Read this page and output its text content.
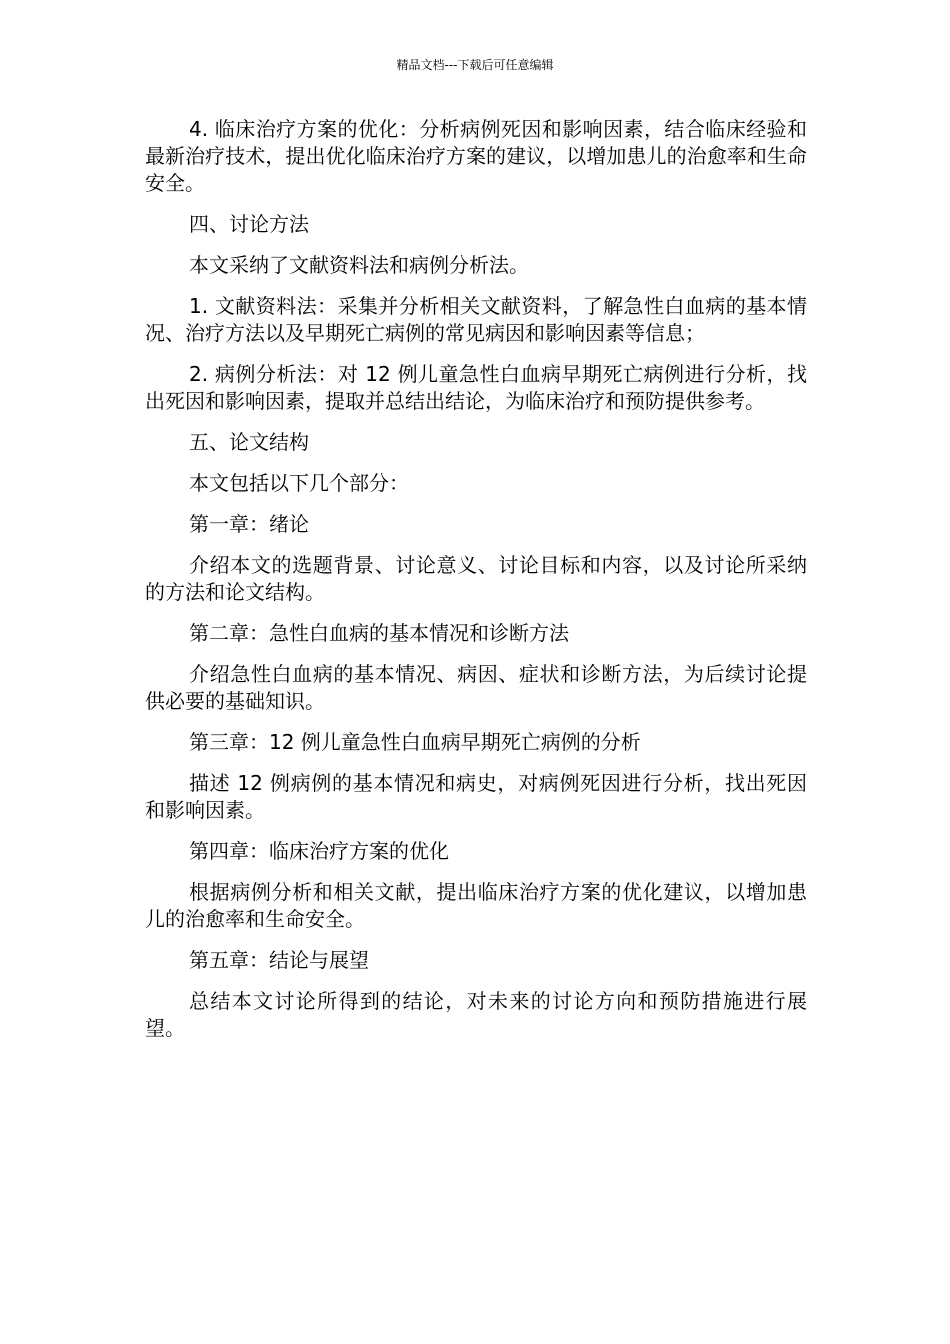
精品文档---下载后可任意编辑

4. 临床治疗方案的优化：分析病例死因和影响因素，结合临床经验和最新治疗技术，提出优化临床治疗方案的建议，以增加患儿的治愈率和生命安全。

四、讨论方法

本文采纳了文献资料法和病例分析法。

1. 文献资料法：采集并分析相关文献资料，了解急性白血病的基本情况、治疗方法以及早期死亡病例的常见病因和影响因素等信息；

2. 病例分析法：对 12 例儿童急性白血病早期死亡病例进行分析，找出死因和影响因素，提取并总结出结论，为临床治疗和预防提供参考。

五、论文结构

本文包括以下几个部分：

第一章：绪论

介绍本文的选题背景、讨论意义、讨论目标和内容，以及讨论所采纳的方法和论文结构。

第二章：急性白血病的基本情况和诊断方法

介绍急性白血病的基本情况、病因、症状和诊断方法，为后续讨论提供必要的基础知识。

第三章：12 例儿童急性白血病早期死亡病例的分析

描述 12 例病例的基本情况和病史，对病例死因进行分析，找出死因和影响因素。

第四章：临床治疗方案的优化

根据病例分析和相关文献，提出临床治疗方案的优化建议，以增加患儿的治愈率和生命安全。

第五章：结论与展望

总结本文讨论所得到的结论，对未来的讨论方向和预防措施进行展望。
